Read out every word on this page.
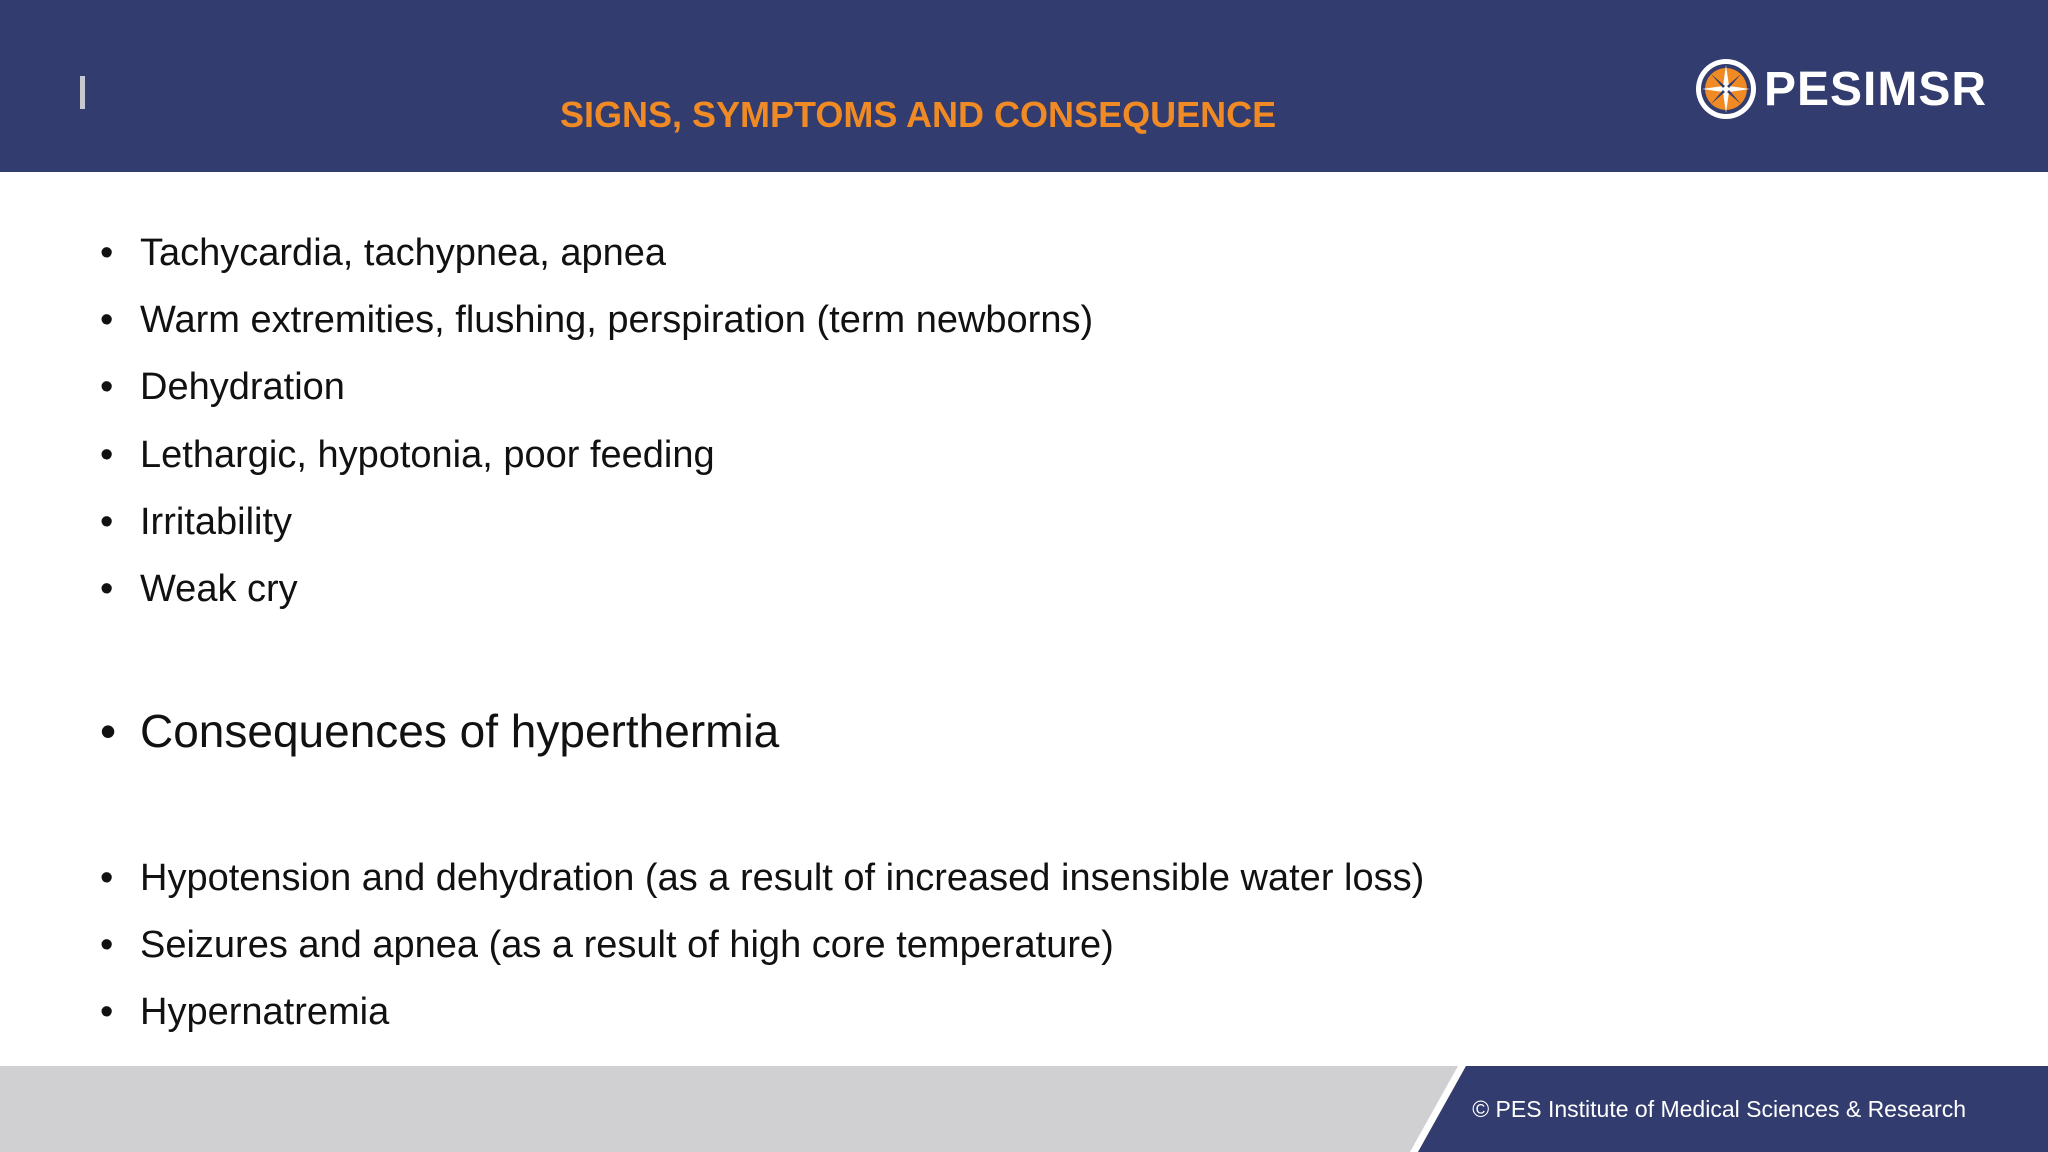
SIGNS, SYMPTOMS AND CONSEQUENCE	PESIMSR
• Tachycardia, tachypnea, apnea
• Warm extremities, flushing, perspiration (term newborns)
• Dehydration
• Lethargic, hypotonia, poor feeding
• Irritability
• Weak cry
• Consequences of hyperthermia
• Hypotension and dehydration (as a result of increased insensible water loss)
• Seizures and apnea (as a result of high core temperature)
• Hypernatremia
© PES Institute of Medical Sciences & Research
